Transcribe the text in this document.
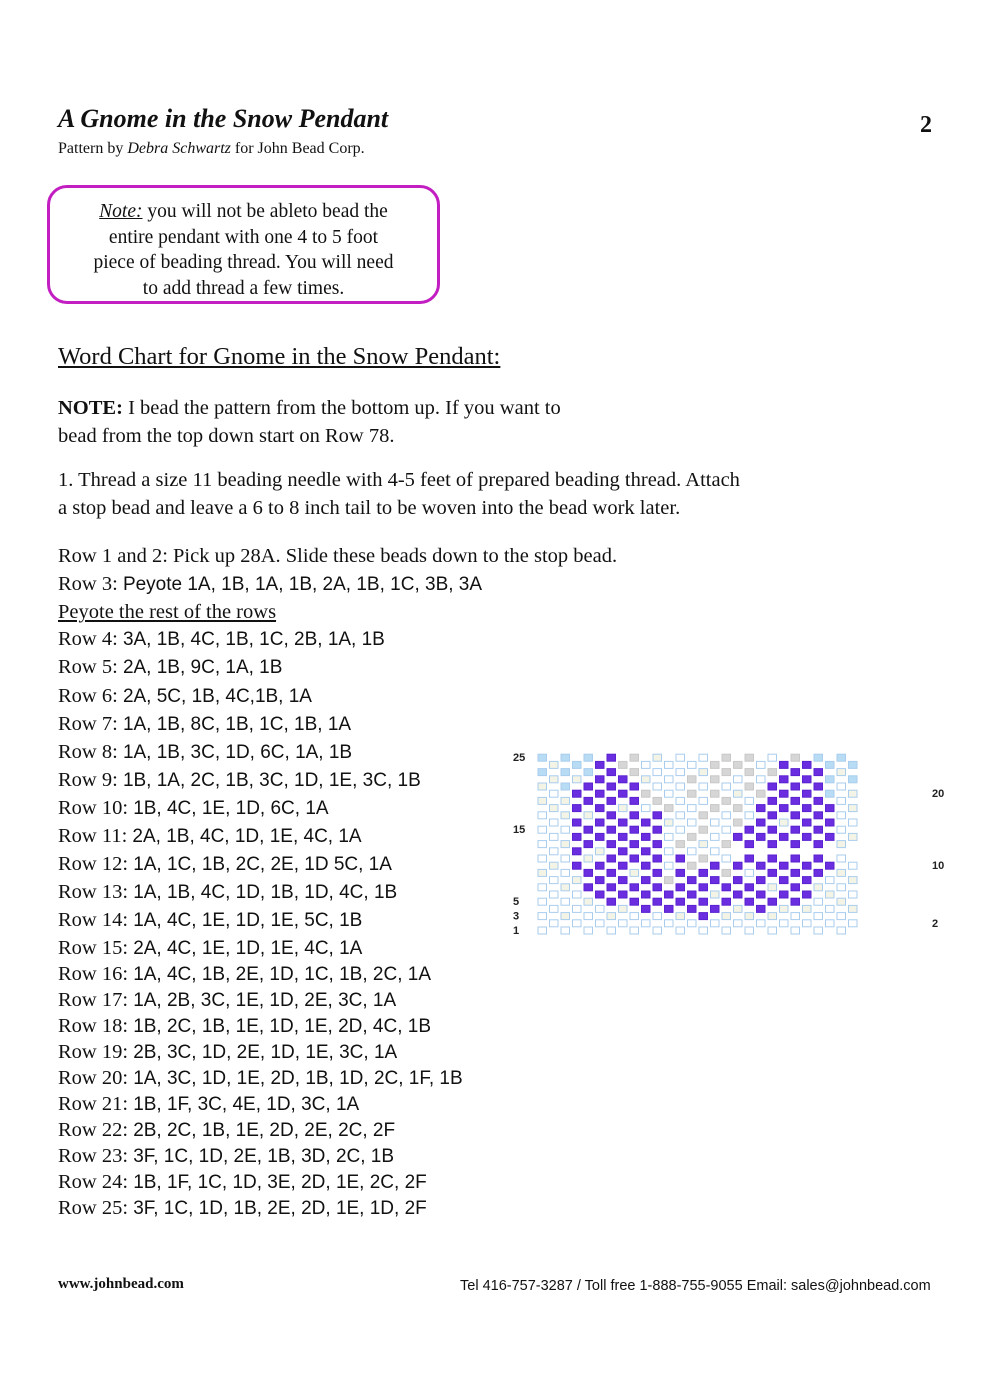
A Gnome in the Snow Pendant
Pattern by Debra Schwartz for John Bead Corp.
2
Note: you will not be ableto bead the
entire pendant with one 4 to 5 foot
piece of beading thread. You will need
to add thread a few times.
Word Chart for Gnome in the Snow Pendant:
NOTE: I bead the pattern from the bottom up. If you want to
bead from the top down start on Row 78.
1. Thread a size 11 beading needle with 4-5 feet of prepared beading thread. Attach
a stop bead and leave a 6 to 8 inch tail to be woven into the bead work later.
Row 1 and 2: Pick up 28A. Slide these beads down to the stop bead.
Row 3: Peyote 1A, 1B, 1A, 1B, 2A, 1B, 1C, 3B, 3A
Peyote the rest of the rows
Row 4: 3A, 1B, 4C, 1B, 1C, 2B, 1A, 1B
Row 5: 2A, 1B, 9C, 1A, 1B
Row 6: 2A, 5C, 1B, 4C,1B, 1A
Row 7: 1A, 1B, 8C, 1B, 1C, 1B, 1A
Row 8: 1A, 1B, 3C, 1D, 6C, 1A, 1B
Row 9: 1B, 1A, 2C, 1B, 3C, 1D, 1E, 3C, 1B
Row 10: 1B, 4C, 1E, 1D, 6C, 1A
Row 11: 2A, 1B, 4C, 1D, 1E, 4C, 1A
Row 12: 1A, 1C, 1B, 2C, 2E, 1D 5C, 1A
Row 13: 1A, 1B, 4C, 1D, 1B, 1D, 4C, 1B
Row 14: 1A, 4C, 1E, 1D, 1E, 5C, 1B
Row 15: 2A, 4C, 1E, 1D, 1E, 4C, 1A
Row 16: 1A, 4C, 1B, 2E, 1D, 1C, 1B, 2C, 1A
Row 17: 1A, 2B, 3C, 1E, 1D, 2E, 3C, 1A
Row 18: 1B, 2C, 1B, 1E, 1D, 1E, 2D, 4C, 1B
Row 19: 2B, 3C, 1D, 2E, 1D, 1E, 3C, 1A
Row 20: 1A, 3C, 1D, 1E, 2D, 1B, 1D, 2C, 1F, 1B
Row 21: 1B, 1F, 3C, 4E, 1D, 3C, 1A
Row 22: 2B, 2C, 1B, 1E, 2D, 2E, 2C, 2F
Row 23: 3F, 1C, 1D, 2E, 1B, 3D, 2C, 1B
Row 24: 1B, 1F, 1C, 1D, 3E, 2D, 1E, 2C, 2F
Row 25: 3F, 1C, 1D, 1B, 2E, 2D, 1E, 1D, 2F
25
15
5
3
1
20
10
2
www.johnbead.com	Tel 416-757-3287 / Toll free 1-888-755-9055 Email: sales@johnbead.com
